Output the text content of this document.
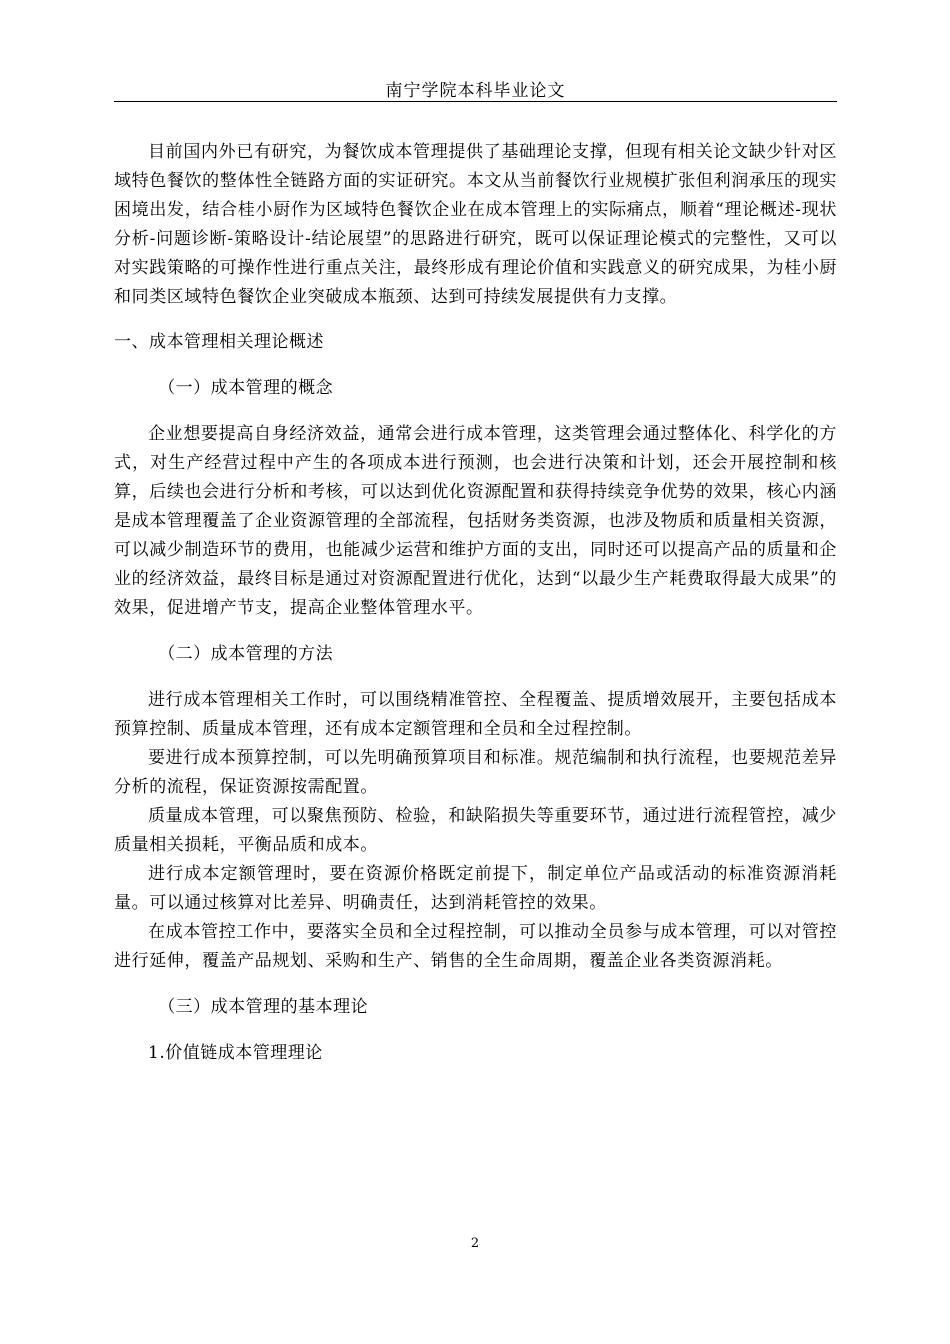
南宁学院本科毕业论文

目前国内外已有研究，为餐饮成本管理提供了基础理论支撑，但现有相关论文缺少针对区域特色餐饮的整体性全链路方面的实证研究。本文从当前餐饮行业规模扩张但利润承压的现实困境出发，结合桂小厨作为区域特色餐饮企业在成本管理上的实际痛点，顺着“理论概述-现状分析-问题诊断-策略设计-结论展望”的思路进行研究，既可以保证理论模式的完整性，又可以对实践策略的可操作性进行重点关注，最终形成有理论价值和实践意义的研究成果，为桂小厨和同类区域特色餐饮企业突破成本瓶颈、达到可持续发展提供有力支撑。

一、成本管理相关理论概述

（一）成本管理的概念

企业想要提高自身经济效益，通常会进行成本管理，这类管理会通过整体化、科学化的方式，对生产经营过程中产生的各项成本进行预测，也会进行决策和计划，还会开展控制和核算，后续也会进行分析和考核，可以达到优化资源配置和获得持续竞争优势的效果，核心内涵是成本管理覆盖了企业资源管理的全部流程，包括财务类资源，也涉及物质和质量相关资源，可以减少制造环节的费用，也能减少运营和维护方面的支出，同时还可以提高产品的质量和企业的经济效益，最终目标是通过对资源配置进行优化，达到“以最少生产耗费取得最大成果”的效果，促进增产节支，提高企业整体管理水平。

（二）成本管理的方法

进行成本管理相关工作时，可以围绕精准管控、全程覆盖、提质增效展开，主要包括成本预算控制、质量成本管理，还有成本定额管理和全员和全过程控制。

要进行成本预算控制，可以先明确预算项目和标准。规范编制和执行流程，也要规范差异分析的流程，保证资源按需配置。

质量成本管理，可以聚焦预防、检验，和缺陷损失等重要环节，通过进行流程管控，减少质量相关损耗，平衡品质和成本。

进行成本定额管理时，要在资源价格既定前提下，制定单位产品或活动的标准资源消耗量。可以通过核算对比差异、明确责任，达到消耗管控的效果。

在成本管控工作中，要落实全员和全过程控制，可以推动全员参与成本管理，可以对管控进行延伸，覆盖产品规划、采购和生产、销售的全生命周期，覆盖企业各类资源消耗。

（三）成本管理的基本理论

1.价值链成本管理理论

2
